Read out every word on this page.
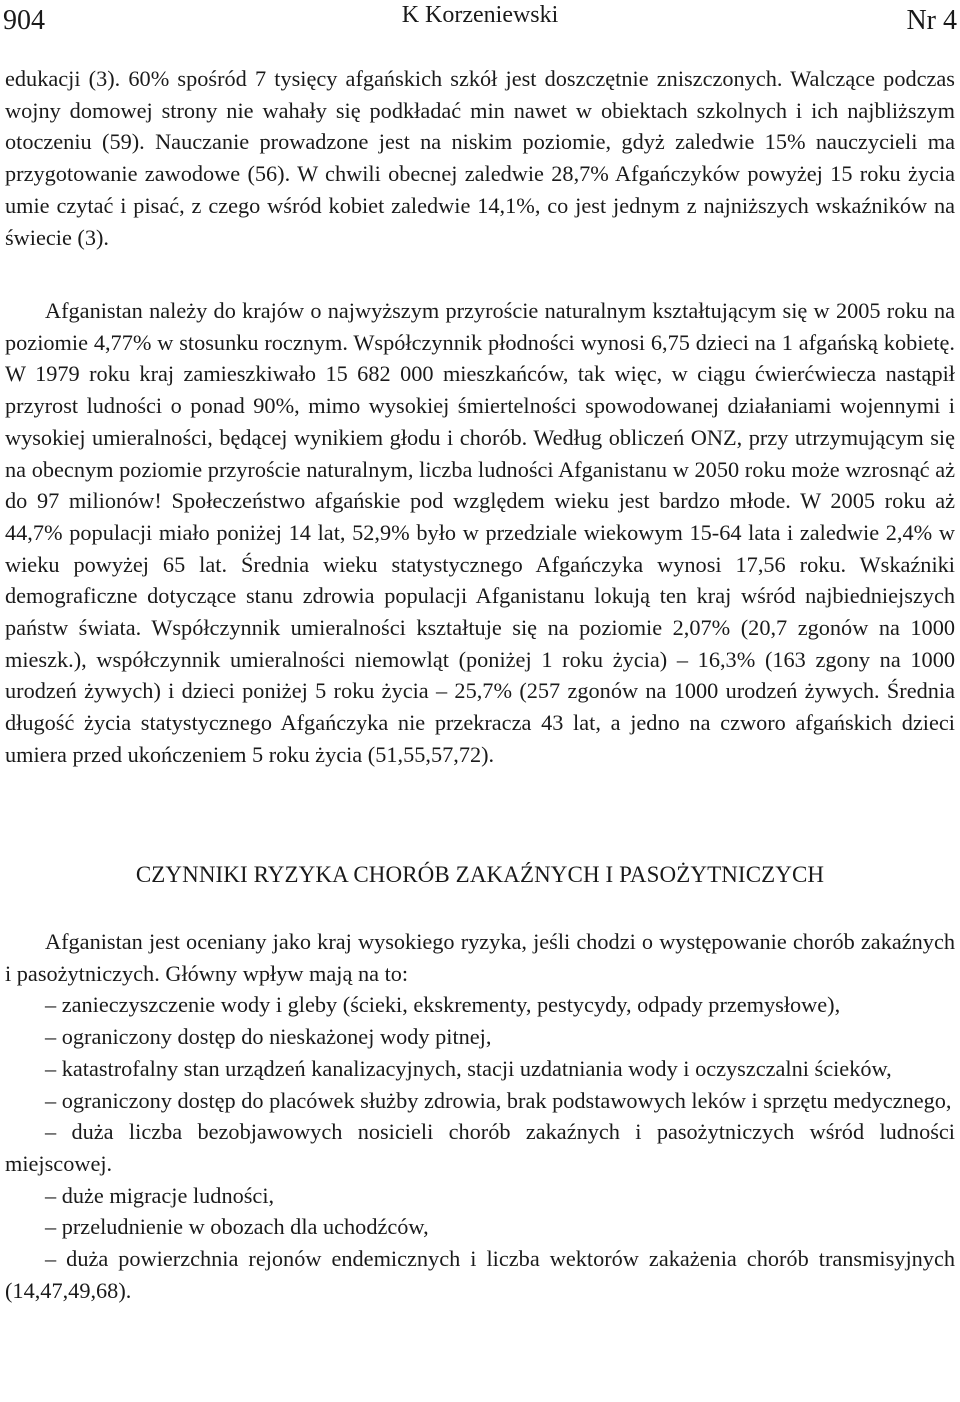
904	K Korzeniewski	Nr 4

edukacji (3). 60% spośród 7 tysięcy afgańskich szkół jest doszczętnie zniszczonych. Walczące podczas wojny domowej strony nie wahały się podkładać min nawet w obiektach szkolnych i ich najbliższym otoczeniu (59). Nauczanie prowadzone jest na niskim poziomie, gdyż zaledwie 15% nauczycieli ma przygotowanie zawodowe (56). W chwili obecnej zaledwie 28,7% Afgańczyków powyżej 15 roku życia umie czytać i pisać, z czego wśród kobiet zaledwie 14,1%, co jest jednym z najniższych wskaźników na świecie (3).

Afganistan należy do krajów o najwyższym przyroście naturalnym kształtującym się w 2005 roku na poziomie 4,77% w stosunku rocznym. Współczynnik płodności wynosi 6,75 dzieci na 1 afgańską kobietę. W 1979 roku kraj zamieszkiwało 15 682 000 mieszkańców, tak więc, w ciągu ćwierćwiecza nastąpił przyrost ludności o ponad 90%, mimo wysokiej śmiertelności spowodowanej działaniami wojennymi i wysokiej umieralności, będącej wynikiem głodu i chorób. Według obliczeń ONZ, przy utrzymującym się na obecnym poziomie przyroście naturalnym, liczba ludności Afganistanu w 2050 roku może wzrosnąć aż do 97 milionów! Społeczeństwo afgańskie pod względem wieku jest bardzo młode. W 2005 roku aż 44,7% populacji miało poniżej 14 lat, 52,9% było w przedziale wiekowym 15-64 lata i zaledwie 2,4% w wieku powyżej 65 lat. Średnia wieku statystycznego Afgańczyka wynosi 17,56 roku. Wskaźniki demograficzne dotyczące stanu zdrowia populacji Afganistanu lokują ten kraj wśród najbiedniejszych państw świata. Współczynnik umieralności kształtuje się na poziomie 2,07% (20,7 zgonów na 1000 mieszk.), współczynnik umieralności niemowląt (poniżej 1 roku życia) – 16,3% (163 zgony na 1000 urodzeń żywych) i dzieci poniżej 5 roku życia – 25,7% (257 zgonów na 1000 urodzeń żywych. Średnia długość życia statystycznego Afgańczyka nie przekracza 43 lat, a jedno na czworo afgańskich dzieci umiera przed ukończeniem 5 roku życia (51,55,57,72).

CZYNNIKI RYZYKA CHORÓB ZAKAŹNYCH I PASOŻYTNICZYCH

Afganistan jest oceniany jako kraj wysokiego ryzyka, jeśli chodzi o występowanie chorób zakaźnych i pasożytniczych. Główny wpływ mają na to:

– zanieczyszczenie wody i gleby (ścieki, ekskrementy, pestycydy, odpady przemysłowe),

– ograniczony dostęp do nieskażonej wody pitnej,

– katastrofalny stan urządzeń kanalizacyjnych, stacji uzdatniania wody i oczyszczalni ścieków,

– ograniczony dostęp do placówek służby zdrowia, brak podstawowych leków i sprzętu medycznego,

– duża liczba bezobjawowych nosicieli chorób zakaźnych i pasożytniczych wśród ludności miejscowej.

– duże migracje ludności,

– przeludnienie w obozach dla uchodźców,

– duża powierzchnia rejonów endemicznych i liczba wektorów zakażenia chorób transmisyjnych (14,47,49,68).
